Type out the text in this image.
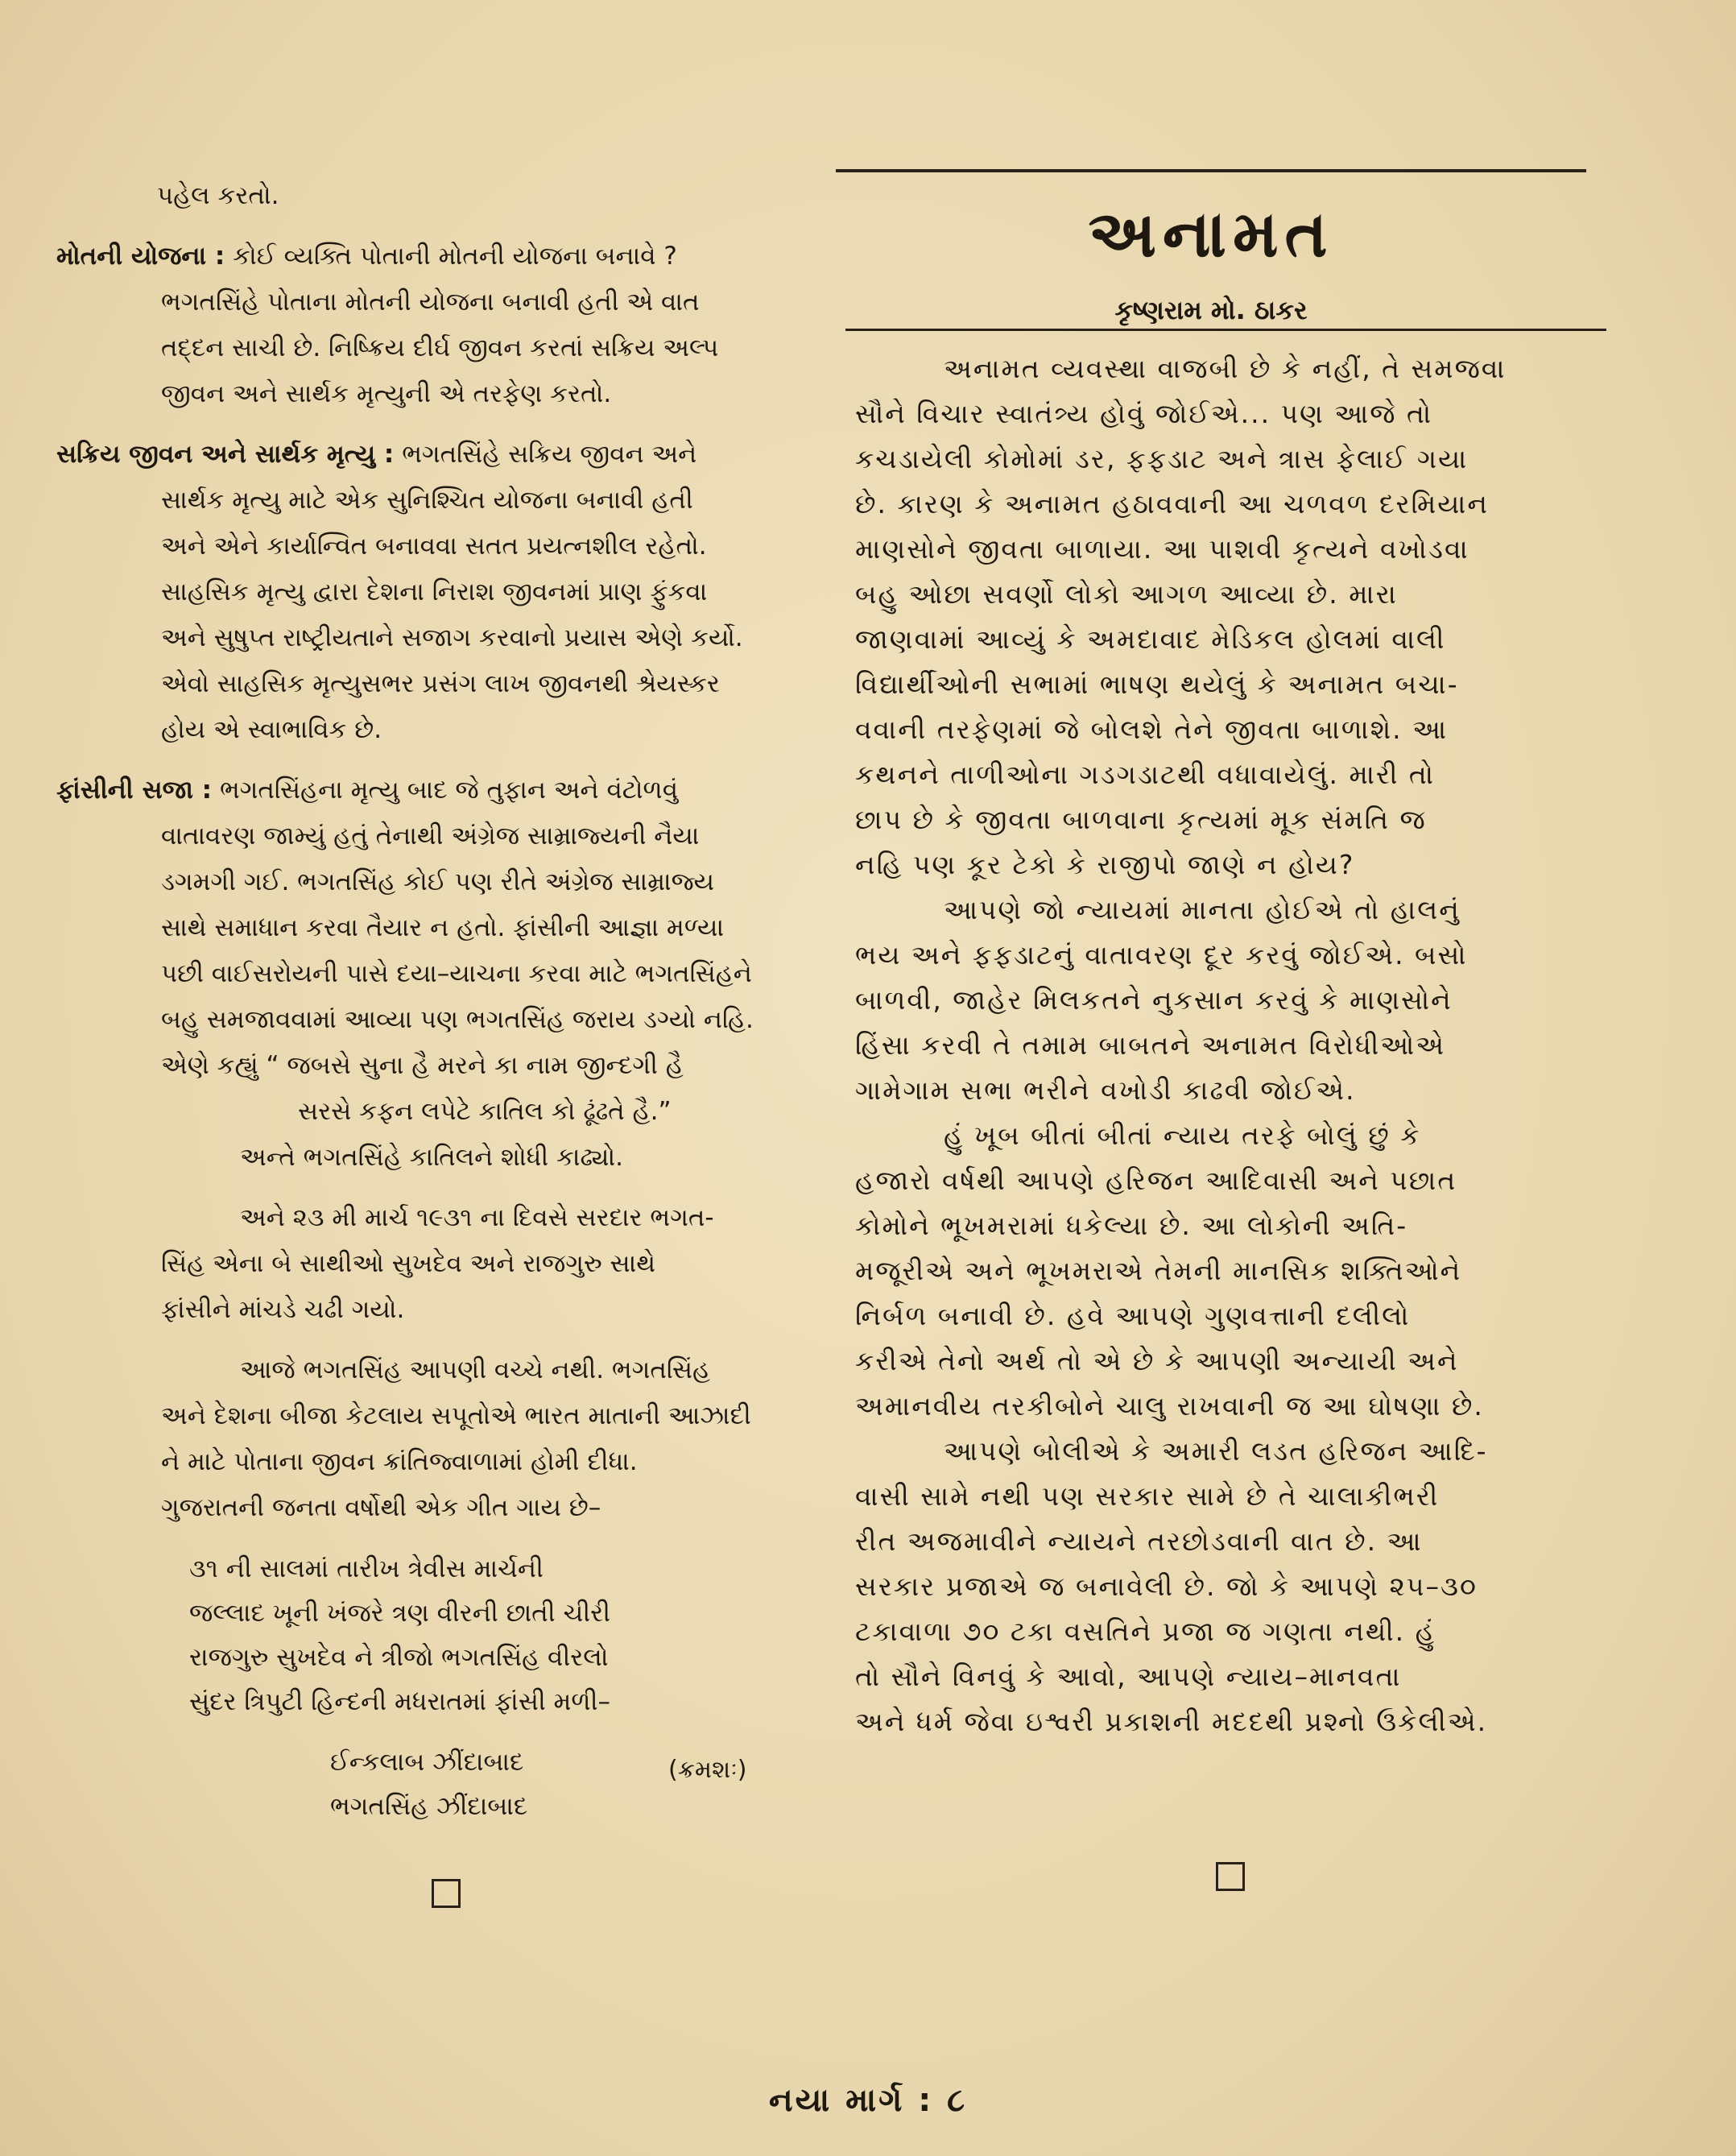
પહેલ કરતો.
મોતની યોજના : કોઈ વ્યક્તિ પોતાની મોતની યોજના બનાવે ?
ભગતસિંહે પોતાના મોતની યોજના બનાવી હતી એ વાત
તદ્દન સાચી છે. નિષ્ક્રિય દીર્ઘ જીવન કરતાં સક્રિય અલ્પ
જીવન અને સાર્થક મૃત્યુની એ તરફેણ કરતો.
સક્રિય જીવન અને સાર્થક મૃત્યુ : ભગતસિંહે સક્રિય જીવન અને
સાર્થક મૃત્યુ માટે એક સુનિશ્ચિત યોજના બનાવી હતી
અને એને કાર્યાન્વિત બનાવવા સતત પ્રયત્નશીલ રહેતો.
સાહસિક મૃત્યુ દ્વારા દેશના નિરાશ જીવનમાં પ્રાણ ફુંકવા
અને સુષુપ્ત રાષ્ટ્રીયતાને સજાગ કરવાનો પ્રયાસ એણે કર્યો.
એવો સાહસિક મૃત્યુસભર પ્રસંગ લાખ જીવનથી શ્રેયસ્કર
હોય એ સ્વાભાવિક છે.
ફાંસીની સજા : ભગતસિંહના મૃત્યુ બાદ જે તુફાન અને વંટોળવું
વાતાવરણ જામ્યું હતું તેનાથી અંગ્રેજ સામ્રાજ્યની નૈયા
ડગમગી ગઈ. ભગતસિંહ કોઈ પણ રીતે અંગ્રેજ સામ્રાજ્ય
સાથે સમાધાન કરવા તૈયાર ન હતો. ફાંસીની આજ્ઞા મળ્યા
પછી વાઈસરોયની પાસે દયા–યાચના કરવા માટે ભગતસિંહને
બહુ સમજાવવામાં આવ્યા પણ ભગતસિંહ જરાય ડગ્યો નહિ.
એણે કહ્યું “ જબસે સુના હૈ મરને કા નામ જીન્દગી હૈ
સરસે કફન લપેટે કાતિલ કો ઢૂંઢતે હૈ.”
અન્તે ભગતસિંહે કાતિલને શોધી કાઢ્યો.
અને ૨૩ મી માર્ચ ૧૯૩૧ ના દિવસે સરદાર ભગત-
સિંહ એના બે સાથીઓ સુખદેવ અને રાજગુરુ સાથે
ફાંસીને માંચડે ચઢી ગયો.
આજે ભગતસિંહ આપણી વચ્ચે નથી. ભગતસિંહ
અને દેશના બીજા કેટલાય સપૂતોએ ભારત માતાની આઝાદી
ને માટે પોતાના જીવન ક્રાંતિજ્વાળામાં હોમી દીધા.
ગુજરાતની જનતા વર્ષોથી એક ગીત ગાય છે–
૩૧ ની સાલમાં તારીખ ત્રેવીસ માર્ચની
જલ્લાદ ખૂની ખંજરે ત્રણ વીરની છાતી ચીરી
રાજગુરુ સુખદેવ ને ત્રીજો ભગતસિંહ વીરલો
સુંદર ત્રિપુટી હિન્દની મધરાતમાં ફાંસી મળી–
ઈન્કલાબ ઝીંદાબાદ
ભગતસિંહ ઝીંદાબાદ
(ક્રમશઃ)
અનામત
કૃષ્ણરામ મો. ઠાકર
અનામત વ્યવસ્થા વાજબી છે કે નહીં, તે સમજવા
સૌને વિચાર સ્વાતંત્ર્ય હોવું જોઈએ... પણ આજે તો
કચડાયેલી કોમોમાં ડર, ફફડાટ અને ત્રાસ ફેલાઈ ગયા
છે. કારણ કે અનામત હઠાવવાની આ ચળવળ દરમિયાન
માણસોને જીવતા બાળાયા. આ પાશવી કૃત્યને વખોડવા
બહુ ઓછા સવર્ણો લોકો આગળ આવ્યા છે. મારા
જાણવામાં આવ્યું કે અમદાવાદ મેડિકલ હોલમાં વાલી
વિદ્યાર્થીઓની સભામાં ભાષણ થયેલું કે અનામત બચા-
વવાની તરફેણમાં જે બોલશે તેને જીવતા બાળાશે. આ
કથનને તાળીઓના ગડગડાટથી વધાવાયેલું. મારી તો
છાપ છે કે જીવતા બાળવાના કૃત્યમાં મૂક સંમતિ જ
નહિ પણ કૂર ટેકો કે રાજીપો જાણે ન હોય?
આપણે જો ન્યાયમાં માનતા હોઈએ તો હાલનું
ભય અને ફફડાટનું વાતાવરણ દૂર કરવું જોઈએ. બસો
બાળવી, જાહેર મિલકતને નુકસાન કરવું કે માણસોને
હિંસા કરવી તે તમામ બાબતને અનામત વિરોધીઓએ
ગામેગામ સભા ભરીને વખોડી કાઢવી જોઈએ.
હું ખૂબ બીતાં બીતાં ન્યાય તરફે બોલું છું કે
હજારો વર્ષથી આપણે હરિજન આદિવાસી અને પછાત
કોમોને ભૂખમરામાં ધકેલ્યા છે. આ લોકોની અતિ-
મજૂરીએ અને ભૂખમરાએ તેમની માનસિક શક્તિઓને
નિર્બળ બનાવી છે. હવે આપણે ગુણવત્તાની દલીલો
કરીએ તેનો અર્થ તો એ છે કે આપણી અન્યાયી અને
અમાનવીય તરકીબોને ચાલુ રાખવાની જ આ ઘોષણા છે.
આપણે બોલીએ કે અમારી લડત હરિજન આદિ-
વાસી સામે નથી પણ સરકાર સામે છે તે ચાલાકીભરી
રીત અજમાવીને ન્યાયને તરછોડવાની વાત છે. આ
સરકાર પ્રજાએ જ બનાવેલી છે. જો કે આપણે ૨૫–૩૦
ટકાવાળા ૭૦ ટકા વસતિને પ્રજા જ ગણતા નથી. હું
તો સૌને વિનવું કે આવો, આપણે ન્યાય–માનવતા
અને ધર્મ જેવા ઇશ્વરી પ્રકાશની મદદથી પ્રશ્નો ઉકેલીએ.
નયા માર્ગ : ૮
